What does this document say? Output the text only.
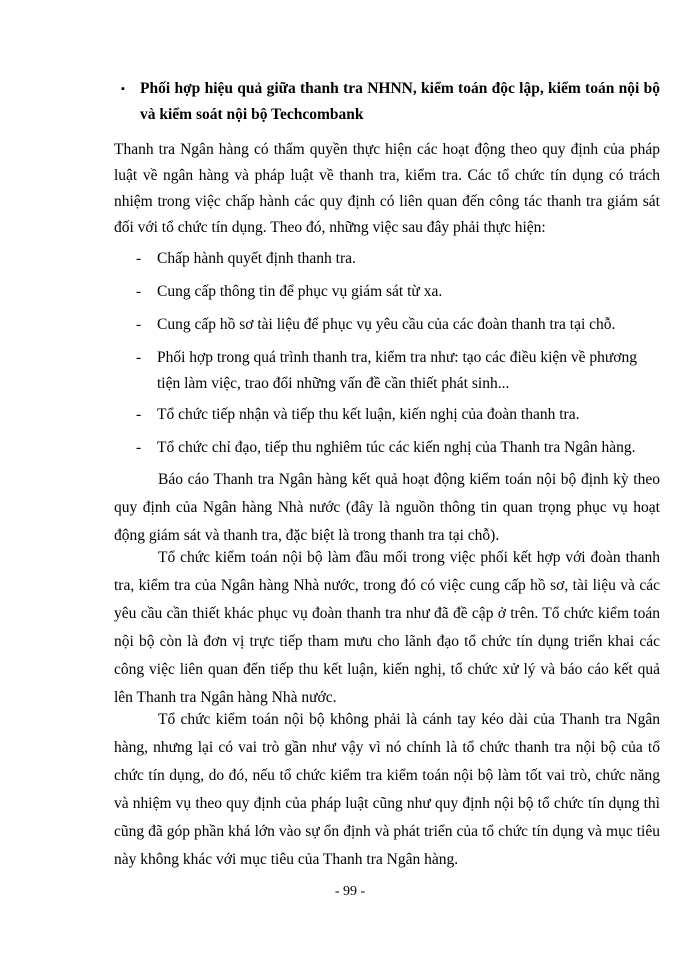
▪ Phối hợp hiệu quả giữa thanh tra NHNN, kiểm toán độc lập, kiểm toán nội bộ và kiểm soát nội bộ Techcombank
Thanh tra Ngân hàng có thẩm quyền thực hiện các hoạt động theo quy định của pháp luật về ngân hàng và pháp luật về thanh tra, kiểm tra. Các tổ chức tín dụng có trách nhiệm trong việc chấp hành các quy định có liên quan đến công tác thanh tra giám sát đối với tổ chức tín dụng. Theo đó, những việc sau đây phải thực hiện:
- Chấp hành quyết định thanh tra.
- Cung cấp thông tin để phục vụ giám sát từ xa.
- Cung cấp hồ sơ tài liệu để phục vụ yêu cầu của các đoàn thanh tra tại chỗ.
- Phối hợp trong quá trình thanh tra, kiểm tra như: tạo các điều kiện về phương tiện làm việc, trao đổi những vấn đề cần thiết phát sinh...
- Tổ chức tiếp nhận và tiếp thu kết luận, kiến nghị của đoàn thanh tra.
- Tổ chức chỉ đạo, tiếp thu nghiêm túc các kiến nghị của Thanh tra Ngân hàng.
Báo cáo Thanh tra Ngân hàng kết quả hoạt động kiểm toán nội bộ định kỳ theo quy định của Ngân hàng Nhà nước (đây là nguồn thông tin quan trọng phục vụ hoạt động giám sát và thanh tra, đặc biệt là trong thanh tra tại chỗ).
Tổ chức kiểm toán nội bộ làm đầu mối trong việc phối kết hợp với đoàn thanh tra, kiểm tra của Ngân hàng Nhà nước, trong đó có việc cung cấp hồ sơ, tài liệu và các yêu cầu cần thiết khác phục vụ đoàn thanh tra như đã đề cập ở trên. Tổ chức kiểm toán nội bộ còn là đơn vị trực tiếp tham mưu cho lãnh đạo tổ chức tín dụng triển khai các công việc liên quan đến tiếp thu kết luận, kiến nghị, tổ chức xử lý và báo cáo kết quả lên Thanh tra Ngân hàng Nhà nước.
Tổ chức kiểm toán nội bộ không phải là cánh tay kéo dài của Thanh tra Ngân hàng, nhưng lại có vai trò gần như vậy vì nó chính là tổ chức thanh tra nội bộ của tổ chức tín dụng, do đó, nếu tổ chức kiểm tra kiểm toán nội bộ làm tốt vai trò, chức năng và nhiệm vụ theo quy định của pháp luật cũng như quy định nội bộ tổ chức tín dụng thì cũng đã góp phần khá lớn vào sự ổn định và phát triển của tổ chức tín dụng và mục tiêu này không khác với mục tiêu của Thanh tra Ngân hàng.
- 99 -
